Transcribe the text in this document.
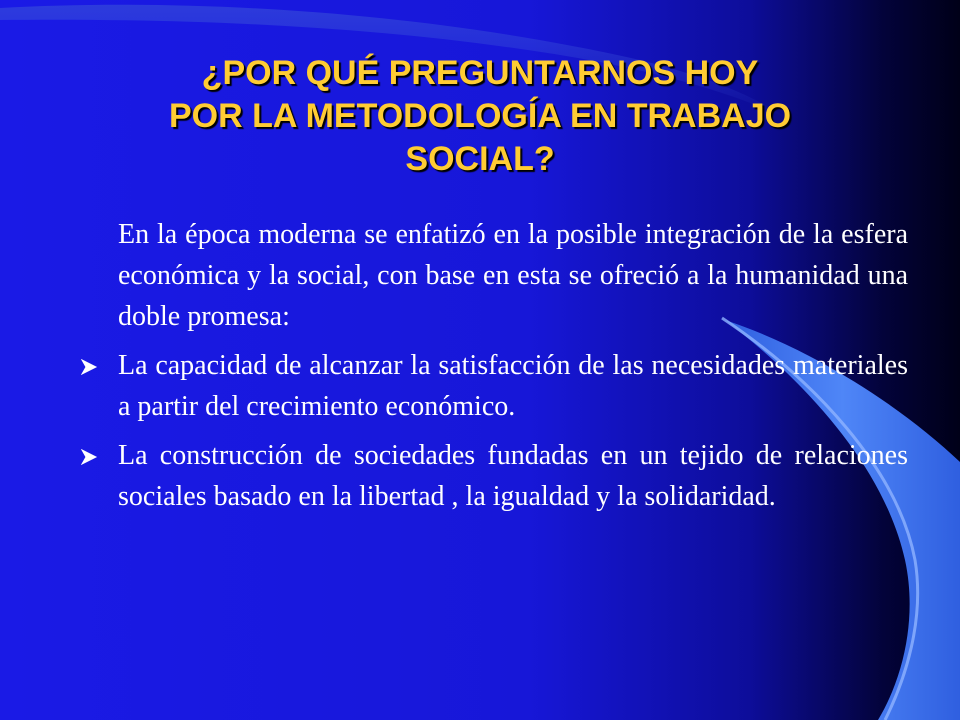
¿POR QUÉ PREGUNTARNOS HOY
POR LA METODOLOGÍA EN TRABAJO
SOCIAL?

En la época moderna se enfatizó en la posible integración de la esfera económica y la social, con base en esta se ofreció a la humanidad una doble promesa:

La capacidad de alcanzar la satisfacción de las necesidades materiales a partir del crecimiento económico.
La construcción de sociedades fundadas en un tejido de relaciones sociales basado en la libertad , la igualdad y la solidaridad.
